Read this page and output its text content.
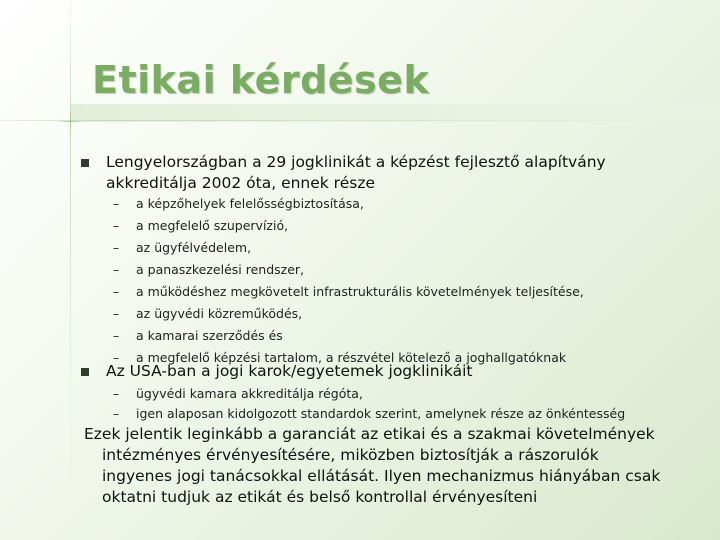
Etikai kérdések
Lengyelországban a 29 jogklinikát a képzést fejlesztő alapítvány
akkreditálja 2002 óta, ennek része
–	a képzőhelyek felelősségbiztosítása,
–	a megfelelő szupervízió,
–	az ügyfélvédelem,
–	a panaszkezelési rendszer,
–	a működéshez megkövetelt infrastrukturális követelmények teljesítése,
–	az ügyvédi közreműködés,
–	a kamarai szerződés és
–	a megfelelő képzési tartalom, a részvétel kötelező a joghallgatóknak
Az USA-ban a jogi karok/egyetemek jogklinikáit
–	ügyvédi kamara akkreditálja régóta,
–	igen alaposan kidolgozott standardok szerint, amelynek része az önkéntesség
Ezek jelentik leginkább a garanciát az etikai és a szakmai követelmények
intézményes érvényesítésére, miközben biztosítják a rászorulók
ingyenes jogi tanácsokkal ellátását. Ilyen mechanizmus hiányában csak
oktatni tudjuk az etikát és belső kontrollal érvényesíteni
